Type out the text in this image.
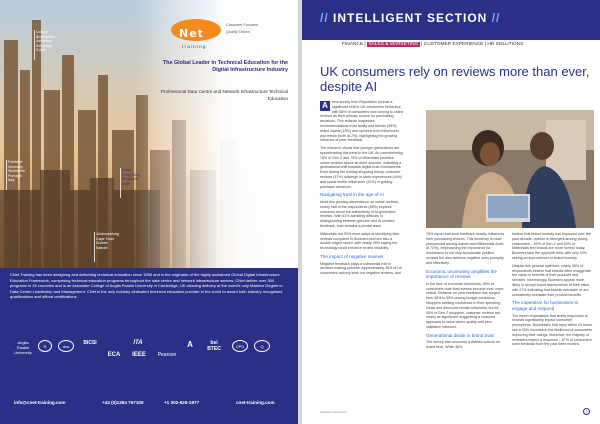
London
Birmingham
Ashburton
Edinburgh
Dublin
Frankfurt
Germany
Stockholm
Portugal
Italy
Dubai
Hong Kong
Singapore
Delhi
Johannesburg
Cape Town
Durban
Nairobi
Net
training
Customer Focused
Quality Driven
The Global Leader in Technical Education for the Digital Infrastructure Industry
Professional Data Centre and Network Infrastructure Technical Education
CNet Training has been designing and delivering technical education since 1996 and is the originator of the highly acclaimed Global Digital Infrastructure Education Framework, comprising technical education programs throughout the data centre and network infrastructure sectors. CNet deliver over 300 programs in 35 countries and is an Associate College of Anglia Ruskin University in Cambridge, UK allowing delivery of the world's only Masters Degree in Data Centre Leadership and Management. CNet is the only industry dedicated technical education provider in the world to award both industry recognised qualifications and official certifications.
Anglia Ruskin University
R	dca
BICSI
ECA
ITA
IEEE	Pearson
A	bsi BTEC	CPD	Q
info@cnet-training.com	+44 (0)1284 767100	+1 302-526-1977	cnet-training.com
// INTELLIGENT SECTION //
FINANCE | SALES & MARKETING | CUSTOMER EXPERIENCE | HR SOLUTIONS
UK consumers rely on reviews more than ever, despite AI

A	new survey from Reputation reveals a significant shift in UK consumers behaviour, with 68% of consumers now turning to online reviews as their primary source for purchasing decisions. This reliance surpasses recommendations from family and friends (28%), brand claims (18%) and opinions from influencers and media (both at 2%), highlighting the growing influence of peer feedback.

The research shows that younger generations are spearheading this trend in the UK. An overwhelming 78% of Gen Z and 79% of Millennials prioritise online reviews above all other sources, indicating a generational shift towards digital trust mechanisms. Even during the holiday shopping frenzy, customer reviews (37%) outweigh in-store experiences (44%) and social media influencers (22%) in guiding purchase decisions.

Navigating trust in the age of AI

Amid this growing dependence on online reviews, nearly half of the respondents (48%) express concerns about the authenticity of AI-generated reviews. With 61% admitting difficulty in distinguishing between genuine and AI-created feedback, trust remains a pivotal issue.

Millennials are 50% more adept at identifying fake reviews compared to Boomers and are also a double-edged sword, with nearly 35% saying the technology could enhance review reliability.

The impact of negative reviews

Negative feedback plays a substantial role in decision-making process. Approximately 38% of UK consumers actively seek out negative reviews, and

76% report that such feedback heavily influences their purchasing choices. This tendency is most pronounced among women and Millennials (both at 72%), emphasising the importance for businesses to not only accumulate positive reviews but also address negative ones promptly and effectively.

Economic uncertainty amplifies the importance of reviews

In the face of economic downturns, 55% of consumers note that reviews become even more critical. Reliance on peer feedback has surged from 38% to 55% among budget-conscious shoppers seeking confidence in their spending. Deals and discounts remain influential, but for 55% of Gen Z shoppers, customer reviews are nearly as significant, suggesting a nuanced approach to value where quality and peer validation intersect.

Generational divide in brand trust

The survey also uncovers a divided outlook on brand trust. While 46%

believe that brand honesty has improved over the past decade, opinion is divergent among young consumers – 62% of Gen Z and 54% of Millennials feel brands are more honest today. Boomers take the opposite view, with only 20% seeing an improvement in brand honesty.

Despite this general optimism, nearly 38% of respondents believe that brands often exaggerate the value or benefits of their products and services. Interestingly, Boomers appear more likely to accept brand assessments of their value, with 27% indicating that brands overclaim or are consistently overstate their product benefits.

The imperative for businesses to engage and respond

The report emphasises that timely responses to reviews significantly impact consumer perceptions. Businesses that reply within 24 hours see a 33% increase in the likelihood of consumers improving their ratings. Moreover, the majority of reviewers expect a response – 67% of consumers want feedback from the past three months.

reputation.com/en-uk	9
